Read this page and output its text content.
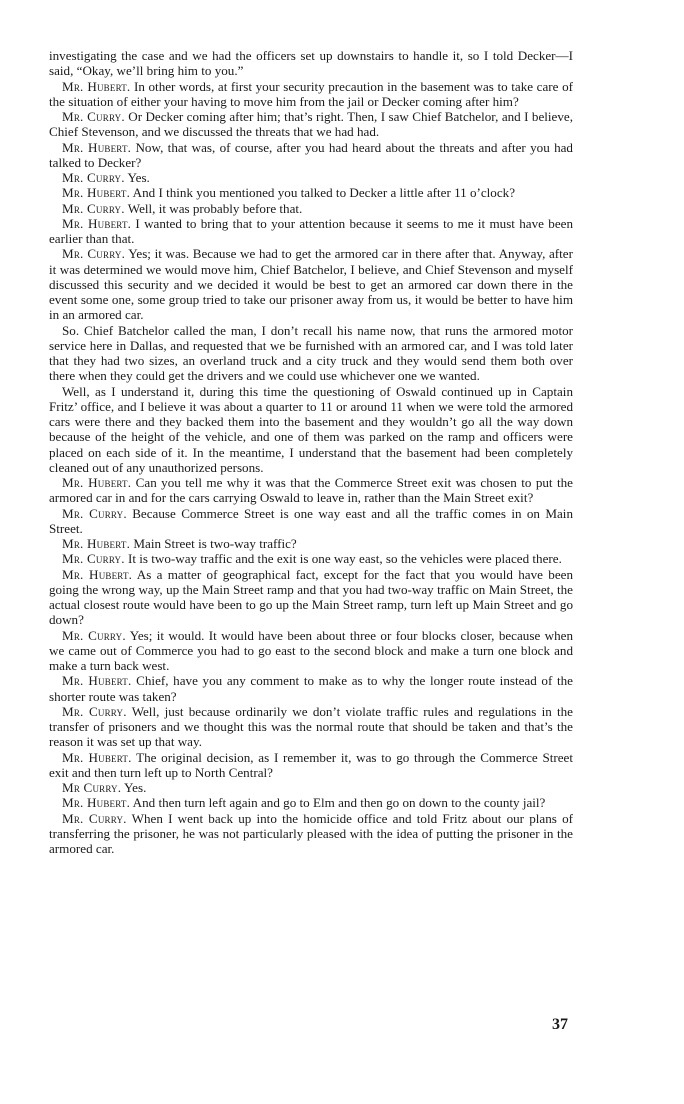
investigating the case and we had the officers set up downstairs to handle it, so I told Decker—I said, “Okay, we’ll bring him to you.”

Mr. Hubert. In other words, at first your security precaution in the basement was to take care of the situation of either your having to move him from the jail or Decker coming after him?

Mr. Curry. Or Decker coming after him; that’s right. Then, I saw Chief Batchelor, and I believe, Chief Stevenson, and we discussed the threats that we had had.

Mr. Hubert. Now, that was, of course, after you had heard about the threats and after you had talked to Decker?

Mr. Curry. Yes.

Mr. Hubert. And I think you mentioned you talked to Decker a little after 11 o’clock?

Mr. Curry. Well, it was probably before that.

Mr. Hubert. I wanted to bring that to your attention because it seems to me it must have been earlier than that.

Mr. Curry. Yes; it was. Because we had to get the armored car in there after that. Anyway, after it was determined we would move him, Chief Batchelor, I believe, and Chief Stevenson and myself discussed this security and we decided it would be best to get an armored car down there in the event some one, some group tried to take our prisoner away from us, it would be better to have him in an armored car.

So. Chief Batchelor called the man, I don’t recall his name now, that runs the armored motor service here in Dallas, and requested that we be furnished with an armored car, and I was told later that they had two sizes, an overland truck and a city truck and they would send them both over there when they could get the drivers and we could use whichever one we wanted.

Well, as I understand it, during this time the questioning of Oswald continued up in Captain Fritz’ office, and I believe it was about a quarter to 11 or around 11 when we were told the armored cars were there and they backed them into the basement and they wouldn’t go all the way down because of the height of the vehicle, and one of them was parked on the ramp and officers were placed on each side of it. In the meantime, I understand that the basement had been completely cleaned out of any unauthorized persons.

Mr. Hubert. Can you tell me why it was that the Commerce Street exit was chosen to put the armored car in and for the cars carrying Oswald to leave in, rather than the Main Street exit?

Mr. Curry. Because Commerce Street is one way east and all the traffic comes in on Main Street.

Mr. Hubert. Main Street is two-way traffic?

Mr. Curry. It is two-way traffic and the exit is one way east, so the vehicles were placed there.

Mr. Hubert. As a matter of geographical fact, except for the fact that you would have been going the wrong way, up the Main Street ramp and that you had two-way traffic on Main Street, the actual closest route would have been to go up the Main Street ramp, turn left up Main Street and go down?

Mr. Curry. Yes; it would. It would have been about three or four blocks closer, because when we came out of Commerce you had to go east to the second block and make a turn one block and make a turn back west.

Mr. Hubert. Chief, have you any comment to make as to why the longer route instead of the shorter route was taken?

Mr. Curry. Well, just because ordinarily we don’t violate traffic rules and regulations in the transfer of prisoners and we thought this was the normal route that should be taken and that’s the reason it was set up that way.

Mr. Hubert. The original decision, as I remember it, was to go through the Commerce Street exit and then turn left up to North Central?

Mr Curry. Yes.

Mr. Hubert. And then turn left again and go to Elm and then go on down to the county jail?

Mr. Curry. When I went back up into the homicide office and told Fritz about our plans of transferring the prisoner, he was not particularly pleased with the idea of putting the prisoner in the armored car.

37
